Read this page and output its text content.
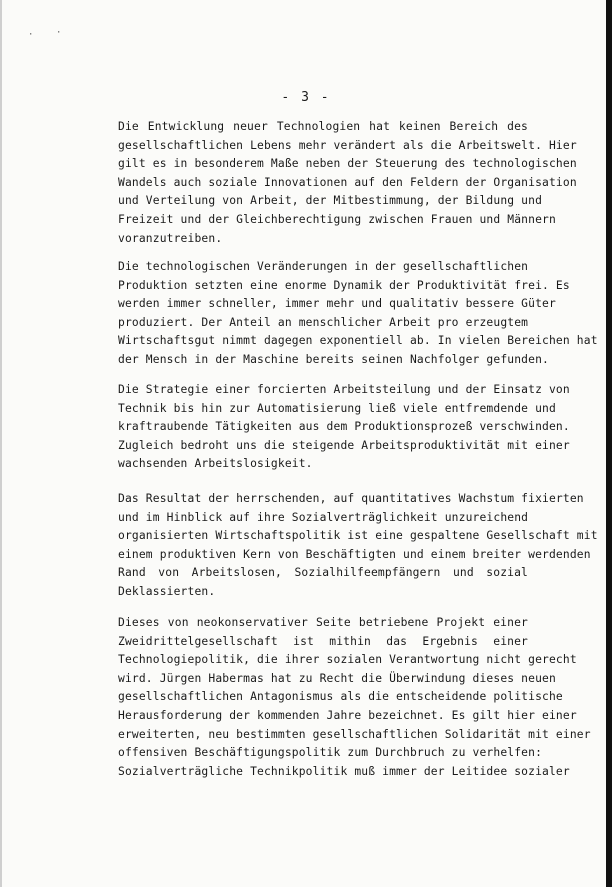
·	·
- 3 -
Die Entwicklung neuer Technologien hat keinen Bereich des
gesellschaftlichen Lebens mehr verändert als die Arbeitswelt. Hier
gilt es in besonderem Maße neben der Steuerung des technologischen
Wandels auch soziale Innovationen auf den Feldern der Organisation
und Verteilung von Arbeit, der Mitbestimmung, der Bildung und
Freizeit und der Gleichberechtigung zwischen Frauen und Männern
voranzutreiben.
Die technologischen Veränderungen in der gesellschaftlichen
Produktion setzten eine enorme Dynamik der Produktivität frei. Es
werden immer schneller, immer mehr und qualitativ bessere Güter
produziert. Der Anteil an menschlicher Arbeit pro erzeugtem
Wirtschaftsgut nimmt dagegen exponentiell ab. In vielen Bereichen hat
der Mensch in der Maschine bereits seinen Nachfolger gefunden.
Die Strategie einer forcierten Arbeitsteilung und der Einsatz von
Technik bis hin zur Automatisierung ließ viele entfremdende und
kraftraubende Tätigkeiten aus dem Produktionsprozeß verschwinden.
Zugleich bedroht uns die steigende Arbeitsproduktivität mit einer
wachsenden Arbeitslosigkeit.
Das Resultat der herrschenden, auf quantitatives Wachstum fixierten
und im Hinblick auf ihre Sozialverträglichkeit unzureichend
organisierten Wirtschaftspolitik ist eine gespaltene Gesellschaft mit
einem produktiven Kern von Beschäftigten und einem breiter werdenden
Rand von Arbeitslosen, Sozialhilfeempfängern und sozial
Deklassierten.
Dieses von neokonservativer Seite betriebene Projekt einer
Zweidrittelgesellschaft ist mithin das Ergebnis einer
Technologiepolitik, die ihrer sozialen Verantwortung nicht gerecht
wird. Jürgen Habermas hat zu Recht die Überwindung dieses neuen
gesellschaftlichen Antagonismus als die entscheidende politische
Herausforderung der kommenden Jahre bezeichnet. Es gilt hier einer
erweiterten, neu bestimmten gesellschaftlichen Solidarität mit einer
offensiven Beschäftigungspolitik zum Durchbruch zu verhelfen:
Sozialverträgliche Technikpolitik muß immer der Leitidee sozialer
